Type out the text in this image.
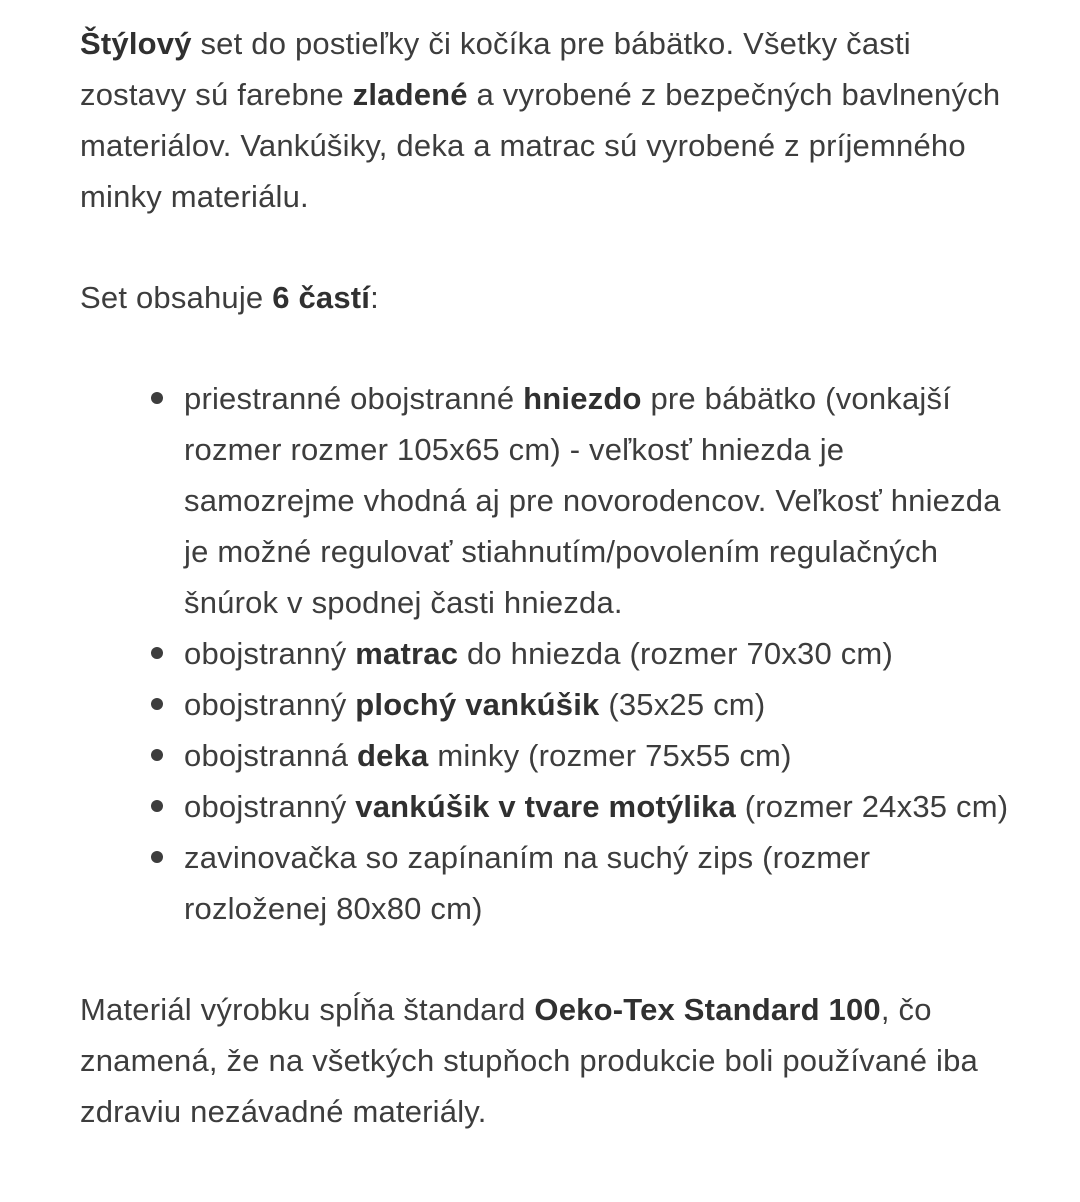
Štýlový set do postieľky či kočíka pre bábätko. Všetky časti zostavy sú farebne zladené a vyrobené z bezpečných bavlnených materiálov. Vankúšiky, deka a matrac sú vyrobené z príjemného minky materiálu.

Set obsahuje 6 častí:

priestranné obojstranné hniezdo pre bábätko (vonkajší rozmer rozmer 105x65 cm) - veľkosť hniezda je samozrejme vhodná aj pre novorodencov. Veľkosť hniezda je možné regulovať stiahnutím/povolením regulačných šnúrok v spodnej časti hniezda.
obojstranný matrac do hniezda (rozmer 70x30 cm)
obojstranný plochý vankúšik (35x25 cm)
obojstranná deka minky (rozmer 75x55 cm)
obojstranný vankúšik v tvare motýlika (rozmer 24x35 cm)
zavinovačka so zapínaním na suchý zips (rozmer rozloženej 80x80 cm)

Materiál výrobku spĺňa štandard Oeko-Tex Standard 100, čo znamená, že na všetkých stupňoch produkcie boli používané iba zdraviu nezávadné materiály.
